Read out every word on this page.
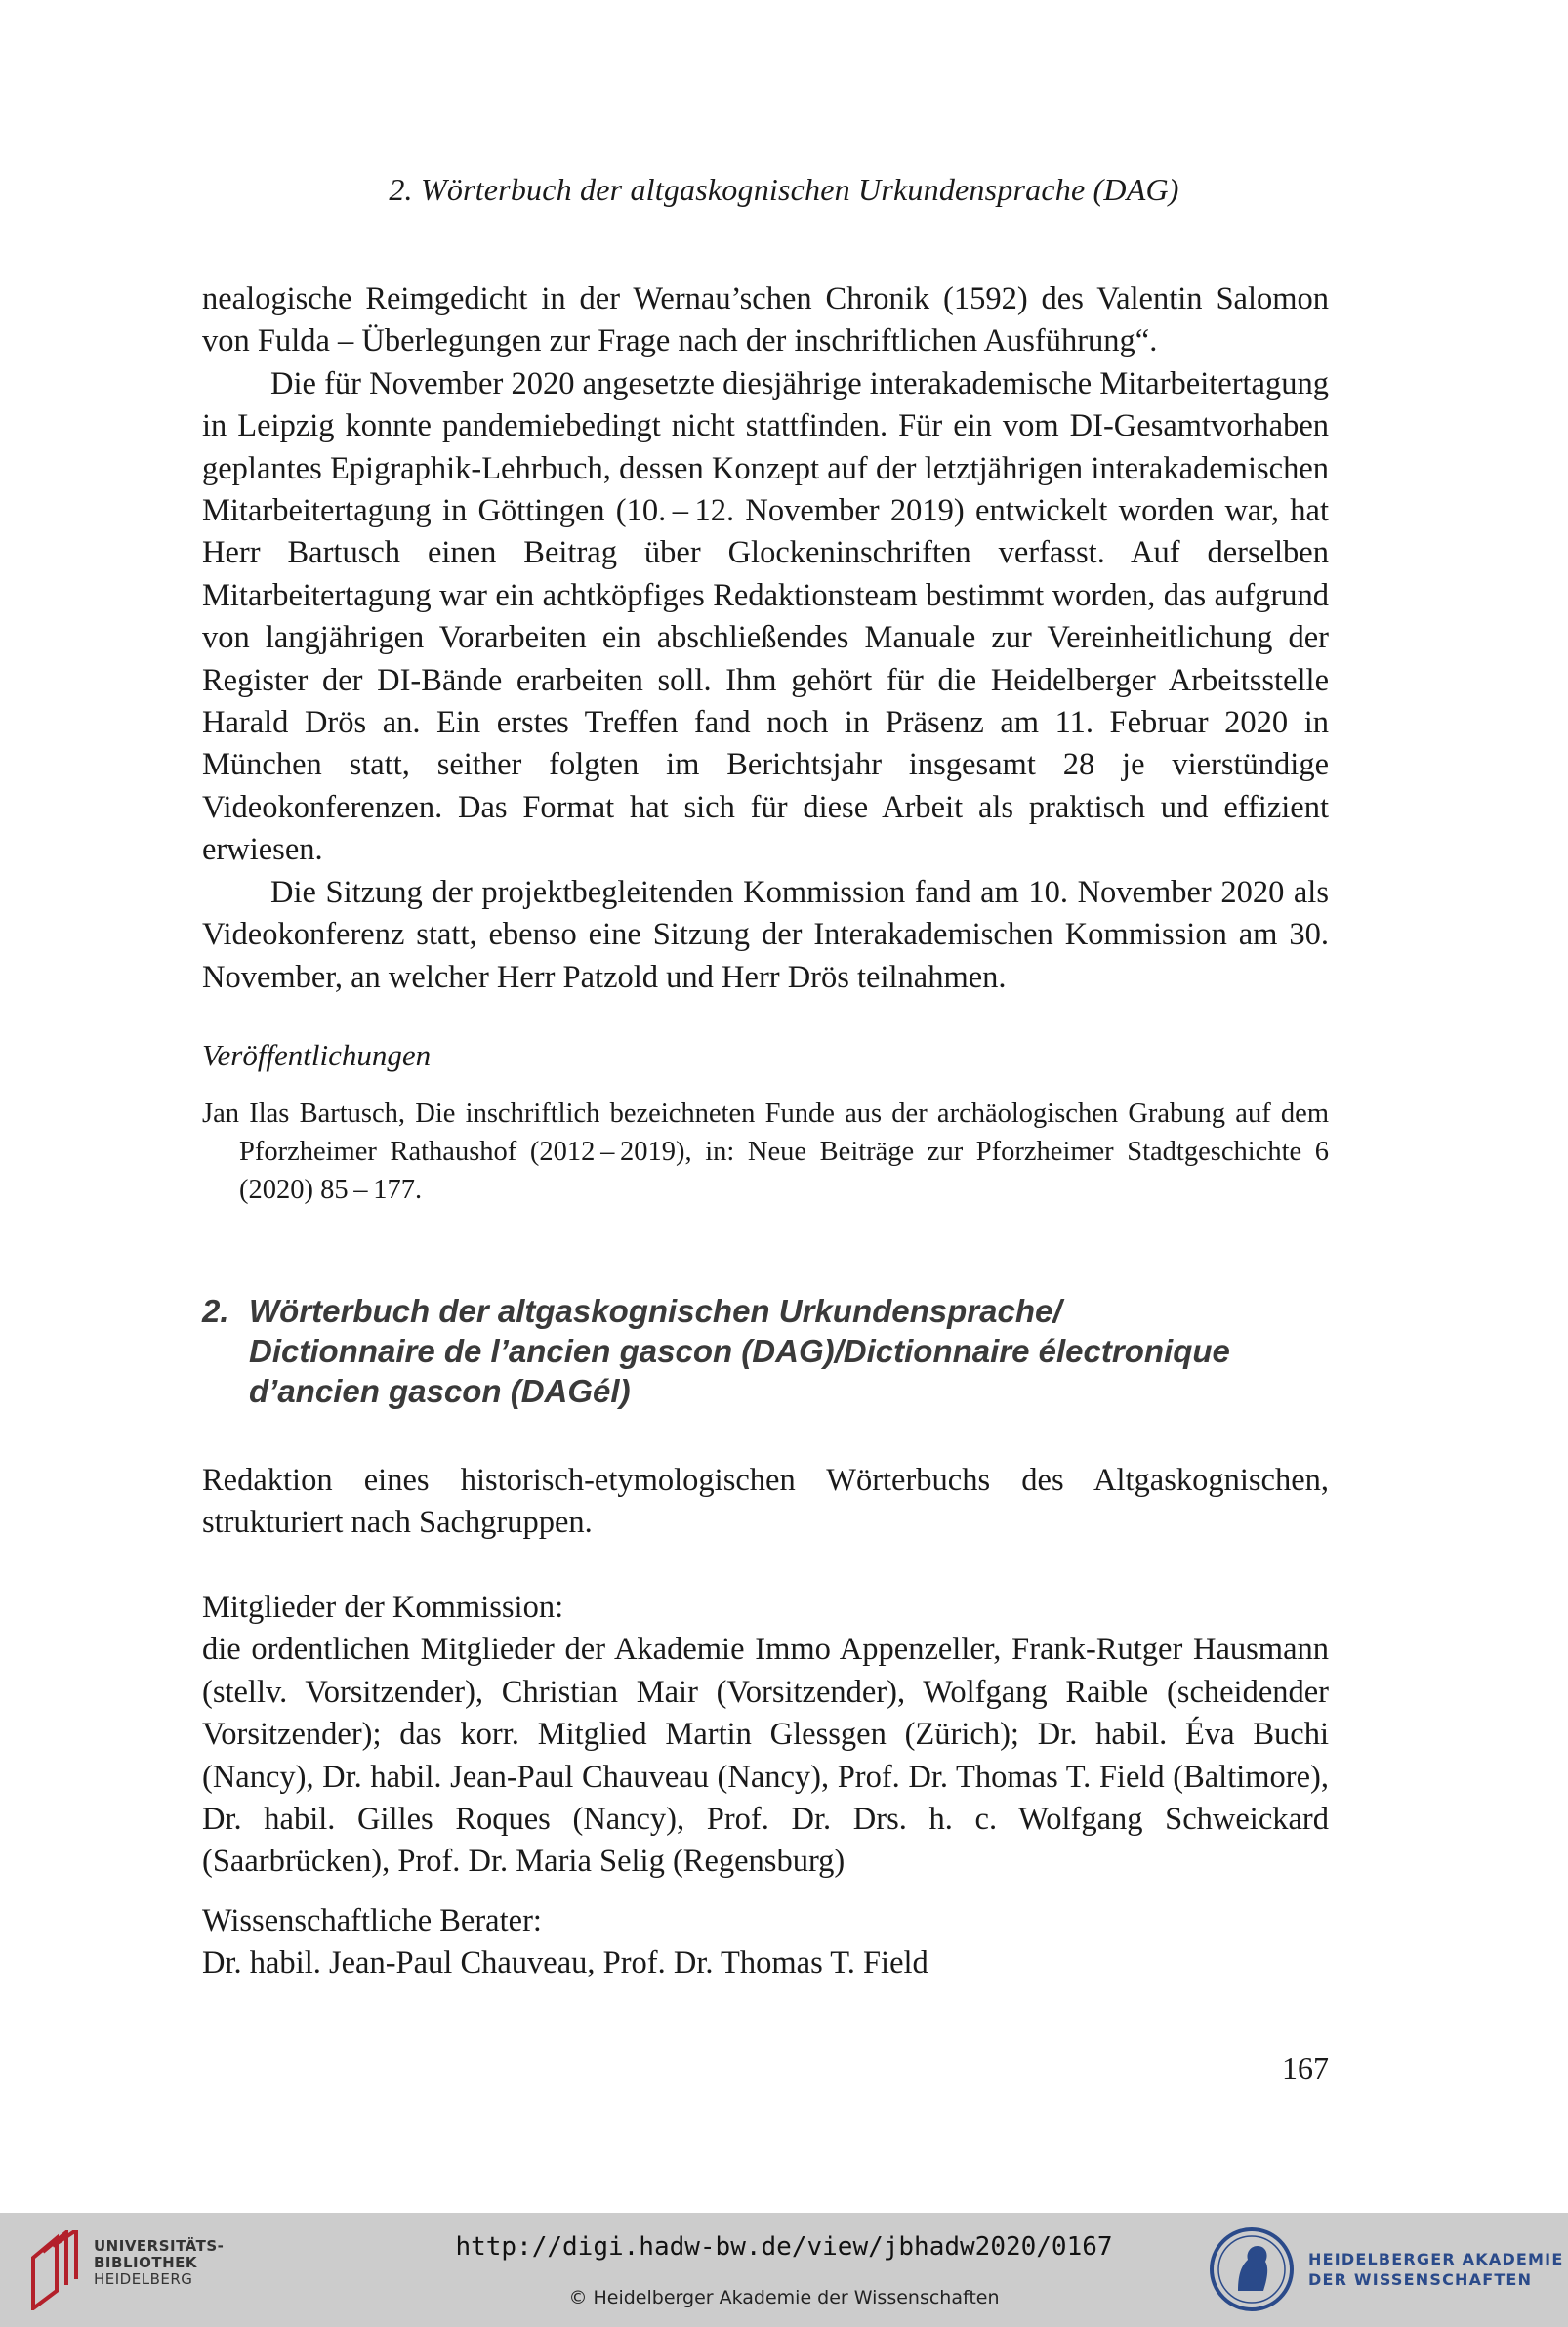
2. Wörterbuch der altgaskognischen Urkundensprache (DAG)

nealogische Reimgedicht in der Wernau’schen Chronik (1592) des Valentin Salomon von Fulda – Überlegungen zur Frage nach der inschriftlichen Ausführung“.

Die für November 2020 angesetzte diesjährige interakademische Mitarbeitertagung in Leipzig konnte pandemiebedingt nicht stattfinden. Für ein vom DI-Gesamtvorhaben geplantes Epigraphik-Lehrbuch, dessen Konzept auf der letztjährigen interakademischen Mitarbeitertagung in Göttingen (10. – 12. November 2019) entwickelt worden war, hat Herr Bartusch einen Beitrag über Glockeninschriften verfasst. Auf derselben Mitarbeitertagung war ein achtköpfiges Redaktionsteam bestimmt worden, das aufgrund von langjährigen Vorarbeiten ein abschließendes Manuale zur Vereinheitlichung der Register der DI-Bände erarbeiten soll. Ihm gehört für die Heidelberger Arbeitsstelle Harald Drös an. Ein erstes Treffen fand noch in Präsenz am 11. Februar 2020 in München statt, seither folgten im Berichtsjahr insgesamt 28 je vierstündige Videokonferenzen. Das Format hat sich für diese Arbeit als praktisch und effizient erwiesen.

Die Sitzung der projektbegleitenden Kommission fand am 10. November 2020 als Videokonferenz statt, ebenso eine Sitzung der Interakademischen Kommission am 30. November, an welcher Herr Patzold und Herr Drös teilnahmen.

Veröffentlichungen

Jan Ilas Bartusch, Die inschriftlich bezeichneten Funde aus der archäologischen Grabung auf dem Pforzheimer Rathaushof (2012 – 2019), in: Neue Beiträge zur Pforzheimer Stadtgeschichte 6 (2020) 85 – 177.

2. Wörterbuch der altgaskognischen Urkundensprache/
Dictionnaire de l’ancien gascon (DAG)/Dictionnaire électronique
d’ancien gascon (DAGél)

Redaktion eines historisch-etymologischen Wörterbuchs des Altgaskognischen, strukturiert nach Sachgruppen.

Mitglieder der Kommission:

die ordentlichen Mitglieder der Akademie Immo Appenzeller, Frank-Rutger Hausmann (stellv. Vorsitzender), Christian Mair (Vorsitzender), Wolfgang Raible (scheidender Vorsitzender); das korr. Mitglied Martin Glessgen (Zürich); Dr. habil. Éva Buchi (Nancy), Dr. habil. Jean-Paul Chauveau (Nancy), Prof. Dr. Thomas T. Field (Baltimore), Dr. habil. Gilles Roques (Nancy), Prof. Dr. Drs. h. c. Wolfgang Schweickard (Saarbrücken), Prof. Dr. Maria Selig (Regensburg)

Wissenschaftliche Berater:

Dr. habil. Jean-Paul Chauveau, Prof. Dr. Thomas T. Field

167
UNIVERSITÄTS-
BIBLIOTHEK
HEIDELBERG
http://digi.hadw-bw.de/view/jbhadw2020/0167
© Heidelberger Akademie der Wissenschaften
HEIDELBERGER AKADEMIE
DER WISSENSCHAFTEN
